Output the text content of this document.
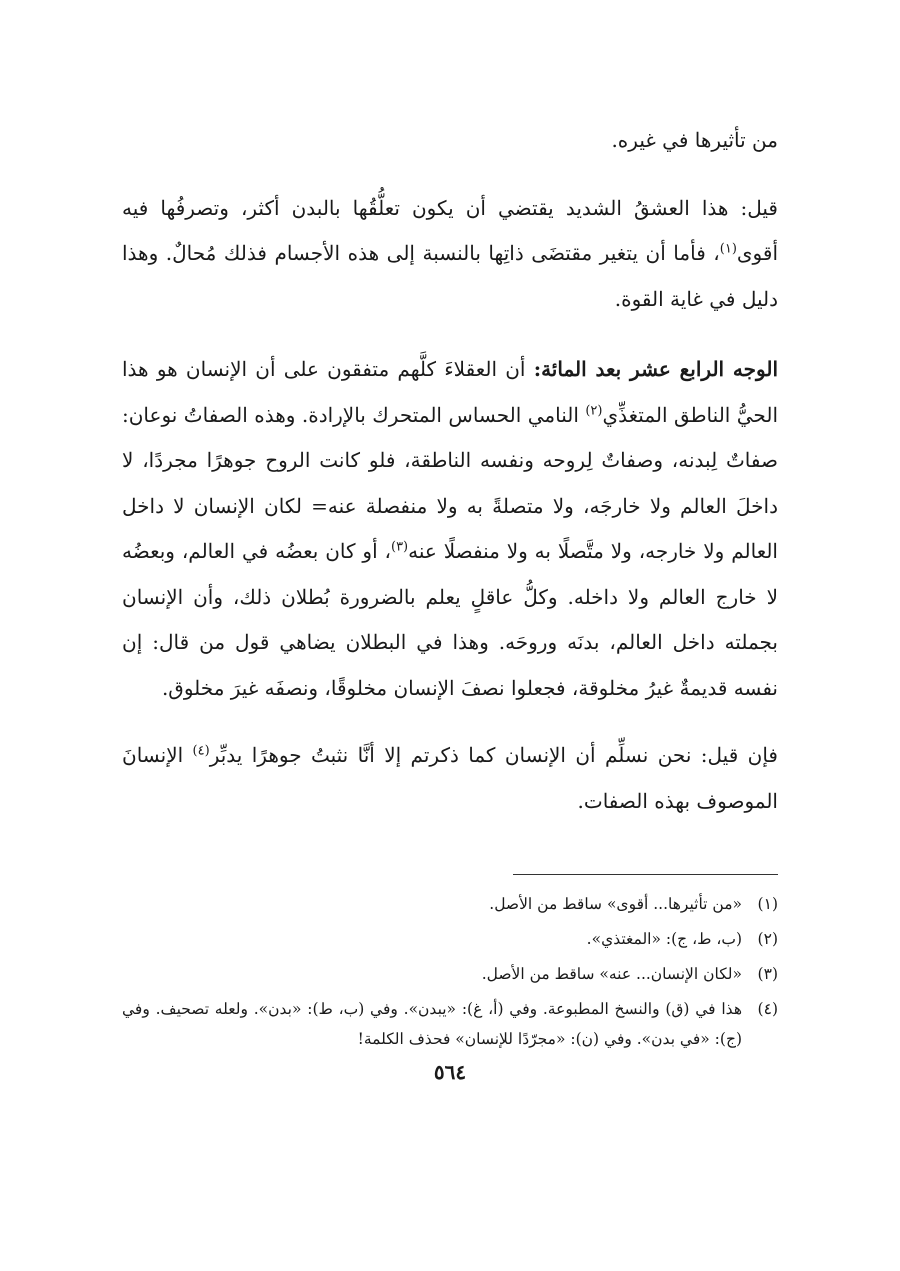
من تأثيرها في غيره.

قيل: هذا العشقُ الشديد يقتضي أن يكون تعلُّقُها بالبدن أكثر، وتصرفُها فيه أقوى$^{(١)}$، فأما أن يتغير مقتضَى ذاتِها بالنسبة إلى هذه الأجسام فذلك مُحالٌ. وهذا دليل في غاية القوة.

الوجه الرابع عشر بعد المائة: أن العقلاءَ كلَّهم متفقون على أن الإنسان هو هذا الحيُّ الناطق المتغذِّي$^{(٢)}$ النامي الحساس المتحرك بالإرادة. وهذه الصفاتُ نوعان: صفاتٌ لِبدنه، وصفاتٌ لِروحه ونفسه الناطقة، فلو كانت الروح جوهرًا مجردًا، لا داخلَ العالم ولا خارجَه، ولا متصلةً به ولا منفصلة عنه= لكان الإنسان لا داخل العالم ولا خارجه، ولا متَّصلًا به ولا منفصلًا عنه$^{(٣)}$، أو كان بعضُه في العالم، وبعضُه لا خارج العالم ولا داخله. وكلُّ عاقلٍ يعلم بالضرورة بُطلان ذلك، وأن الإنسان بجملته داخل العالم، بدنَه وروحَه. وهذا في البطلان يضاهي قول من قال: إن نفسه قديمةٌ غيرُ مخلوقة، فجعلوا نصفَ الإنسان مخلوقًا، ونصفَه غيرَ مخلوق.

فإن قيل: نحن نسلِّم أن الإنسان كما ذكرتم إلا أنَّا نثبتُ جوهرًا يدبِّر$^{(٤)}$ الإنسانَ الموصوف بهذه الصفات.

(١)
«من تأثيرها... أقوى» ساقط من الأصل.
(٢)
(ب، ط، ج): «المغتذي».
(٣)
«لكان الإنسان... عنه» ساقط من الأصل.
(٤)
هذا في (ق) والنسخ المطبوعة. وفي (أ، غ): «يبدن». وفي (ب، ط): «بدن». ولعله تصحيف. وفي (ج): «في بدن». وفي (ن): «مجرّدًا للإنسان» فحذف الكلمة!
٥٦٤
